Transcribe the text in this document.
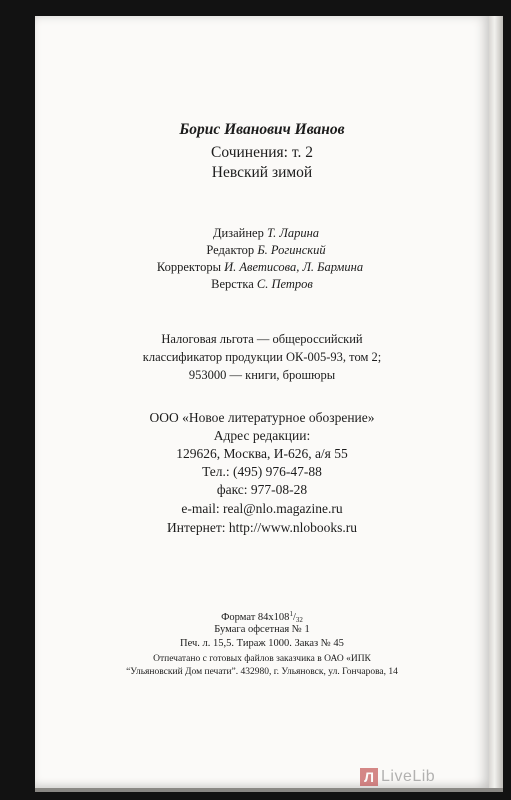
Борис Иванович Иванов
Сочинения: т. 2
Невский зимой
Дизайнер Т. Ларина
Редактор Б. Рогинский
Корректоры И. Аветисова, Л. Бармина
Верстка С. Петров
Налоговая льгота — общероссийский
классификатор продукции ОК-005-93, том 2;
953000 — книги, брошюры
ООО «Новое литературное обозрение»
Адрес редакции:
129626, Москва, И-626, а/я 55
Тел.: (495) 976-47-88
факс: 977-08-28
e-mail: real@nlo.magazine.ru
Интернет: http://www.nlobooks.ru
Формат $84x108^1/_{32}$
Бумага офсетная № 1
Печ. л. 15,5. Тираж 1000. Заказ № 45
Отпечатано с готовых файлов заказчика в ОАО «ИПК
“Ульяновский Дом печати”. 432980, г. Ульяновск, ул. Гончарова, 14
Л LiveLib
